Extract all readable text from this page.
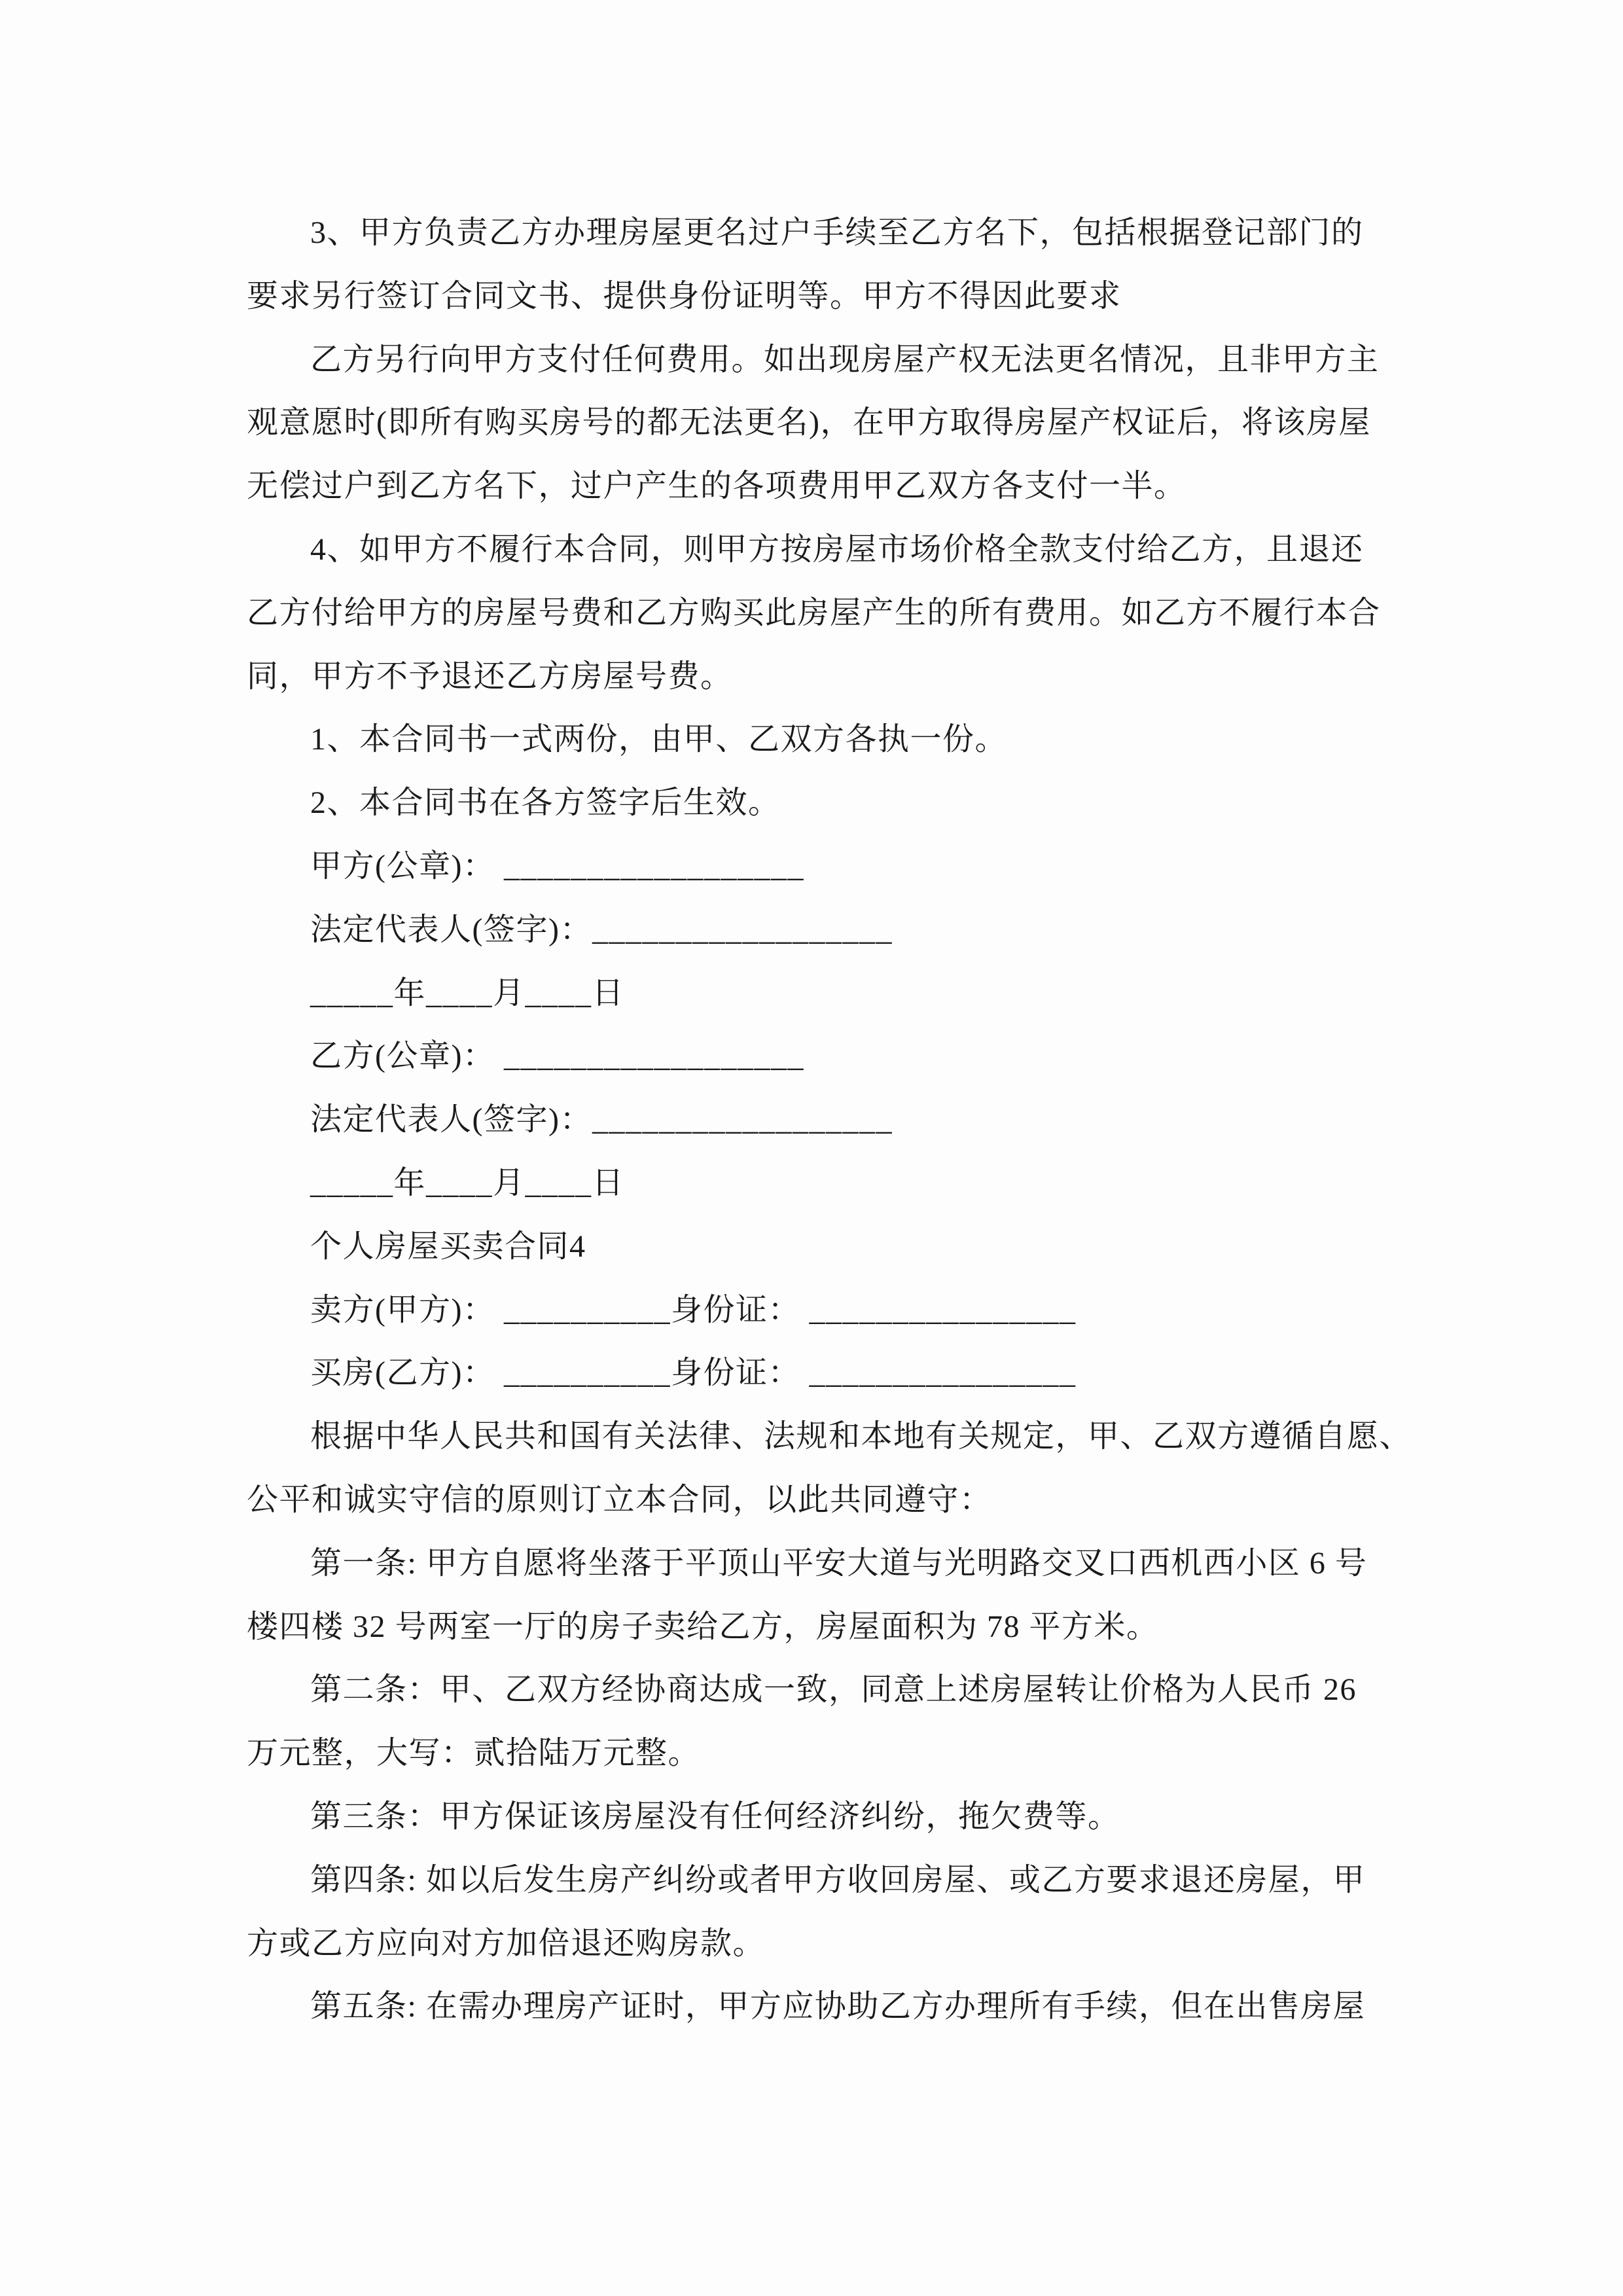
3、甲方负责乙方办理房屋更名过户手续至乙方名下，包括根据登记部门的
要求另行签订合同文书、提供身份证明等。甲方不得因此要求
乙方另行向甲方支付任何费用。如出现房屋产权无法更名情况，且非甲方主
观意愿时(即所有购买房号的都无法更名)，在甲方取得房屋产权证后，将该房屋
无偿过户到乙方名下，过户产生的各项费用甲乙双方各支付一半。
4、如甲方不履行本合同，则甲方按房屋市场价格全款支付给乙方，且退还
乙方付给甲方的房屋号费和乙方购买此房屋产生的所有费用。如乙方不履行本合
同，甲方不予退还乙方房屋号费。
1、本合同书一式两份，由甲、乙双方各执一份。
2、本合同书在各方签字后生效。
甲方(公章)： __________________
法定代表人(签字)：__________________
_____年____月____日
乙方(公章)： __________________
法定代表人(签字)：__________________
_____年____月____日
个人房屋买卖合同4
卖方(甲方)： __________身份证： ________________
买房(乙方)： __________身份证： ________________
根据中华人民共和国有关法律、法规和本地有关规定，甲、乙双方遵循自愿、
公平和诚实守信的原则订立本合同，以此共同遵守：
第一条: 甲方自愿将坐落于平顶山平安大道与光明路交叉口西机西小区 6 号
楼四楼 32 号两室一厅的房子卖给乙方，房屋面积为 78 平方米。
第二条：甲、乙双方经协商达成一致，同意上述房屋转让价格为人民币 26
万元整，大写：贰拾陆万元整。
第三条：甲方保证该房屋没有任何经济纠纷，拖欠费等。
第四条: 如以后发生房产纠纷或者甲方收回房屋、或乙方要求退还房屋，甲
方或乙方应向对方加倍退还购房款。
第五条: 在需办理房产证时，甲方应协助乙方办理所有手续，但在出售房屋
